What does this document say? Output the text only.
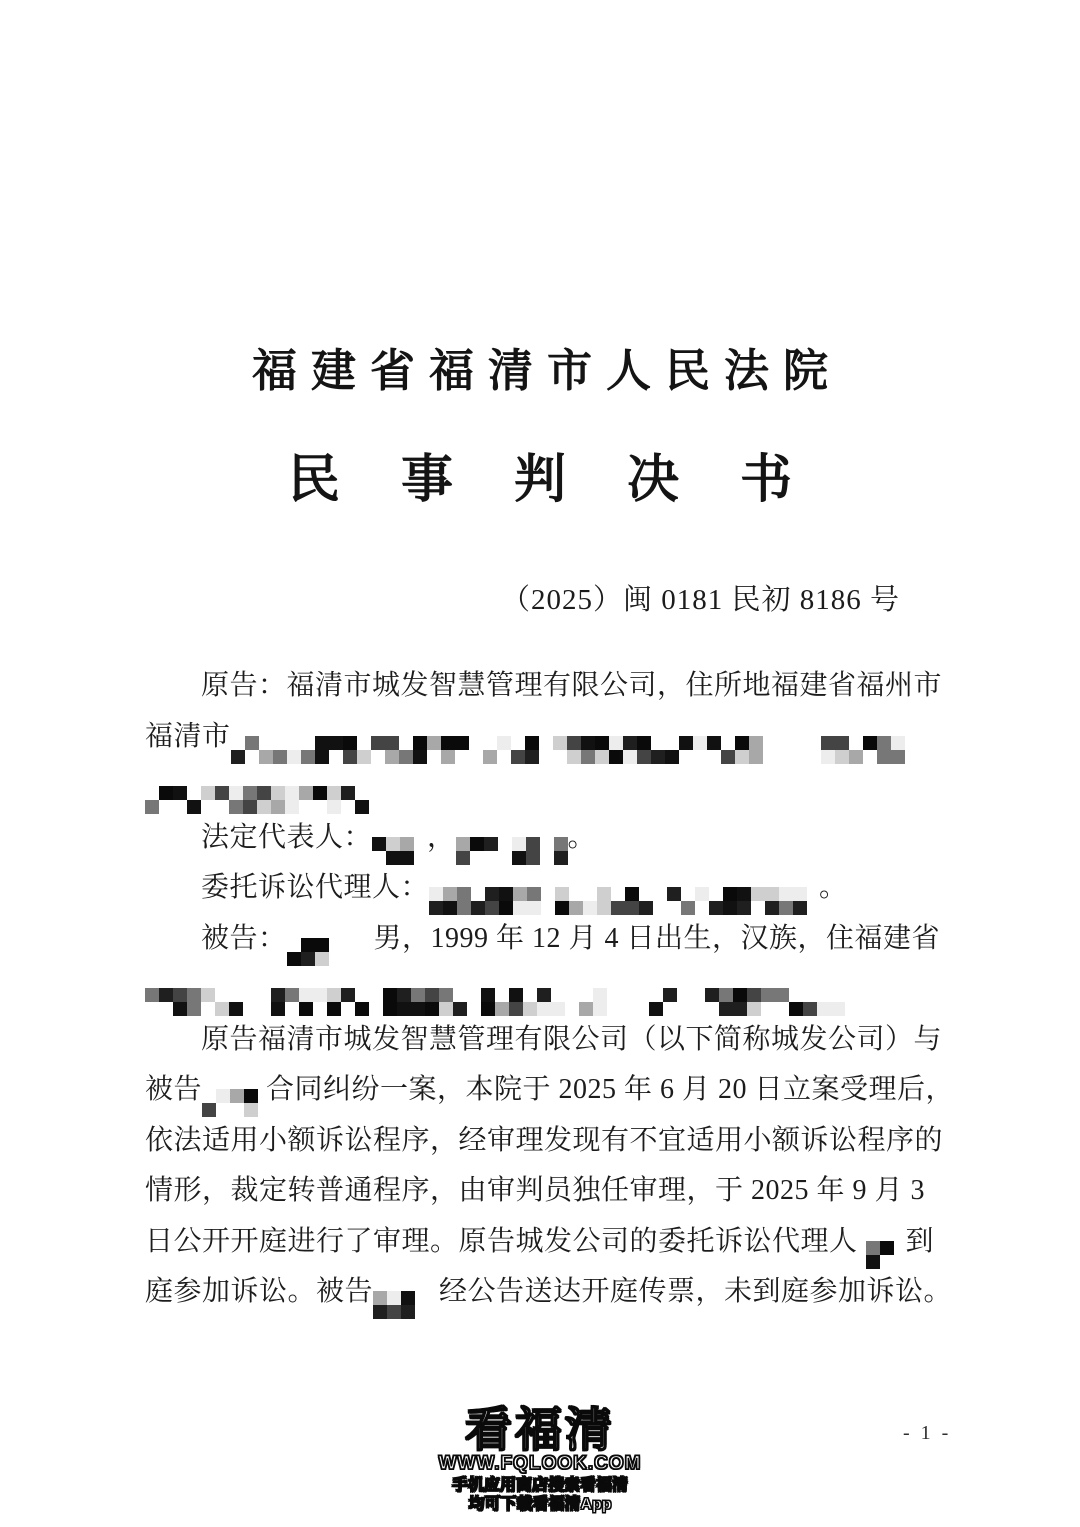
福建省福清市人民法院
民 事 判 决 书
（2025）闽 0181 民初 8186 号
原告：福清市城发智慧管理有限公司，住所地福建省福州市
福清市
法定代表人： ，	。
委托诉讼代理人：	。
被告：	男，1999 年 12 月 4 日出生，汉族，住福建省
原告福清市城发智慧管理有限公司（以下简称城发公司）与
被告 合同纠纷一案，本院于 2025 年 6 月 20 日立案受理后，
依法适用小额诉讼程序，经审理发现有不宜适用小额诉讼程序的
情形，裁定转普通程序，由审判员独任审理，于 2025 年 9 月 3
日公开开庭进行了审理。原告城发公司的委托诉讼代理人 到
庭参加诉讼。被告 经公告送达开庭传票，未到庭参加诉讼。
看福清
WWW.FQLOOK.COM
手机应用商店搜索看福清
均可下载看福清App
- 1 -
